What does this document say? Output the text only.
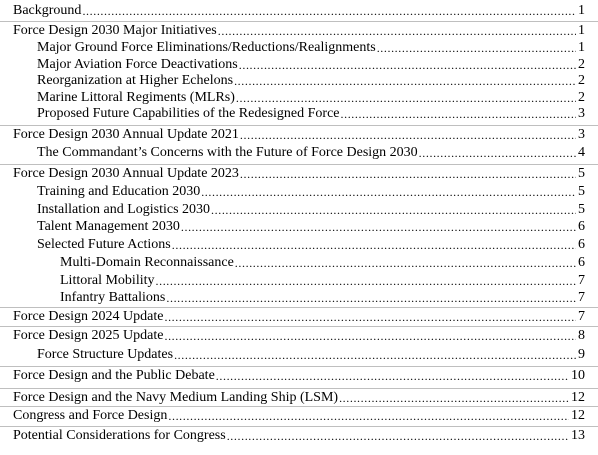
Background .....	1
Force Design 2030 Major Initiatives .....	1
Major Ground Force Eliminations/Reductions/Realignments .....	1
Major Aviation Force Deactivations .....	2
Reorganization at Higher Echelons .....	2
Marine Littoral Regiments (MLRs) .....	2
Proposed Future Capabilities of the Redesigned Force .....	3
Force Design 2030 Annual Update 2021 .....	3
The Commandant’s Concerns with the Future of Force Design 2030 .....	4
Force Design 2030 Annual Update 2023 .....	5
Training and Education 2030 .....	5
Installation and Logistics 2030 .....	5
Talent Management 2030 .....	6
Selected Future Actions .....	6
Multi-Domain Reconnaissance .....	6
Littoral Mobility .....	7
Infantry Battalions .....	7
Force Design 2024 Update .....	7
Force Design 2025 Update .....	8
Force Structure Updates .....	9
Force Design and the Public Debate .....	10
Force Design and the Navy Medium Landing Ship (LSM) .....	12
Congress and Force Design .....	12
Potential Considerations for Congress .....	13
